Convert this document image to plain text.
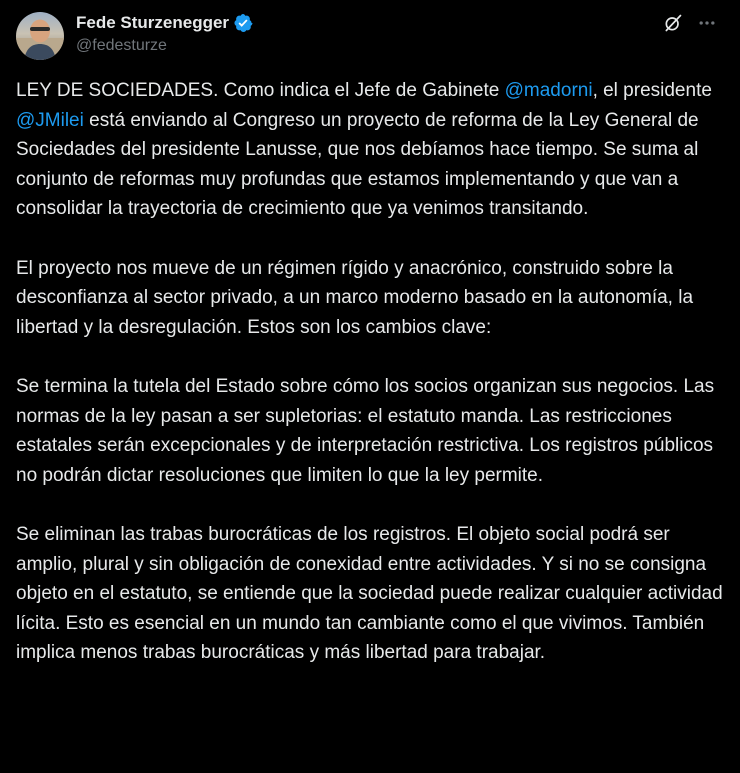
Fede Sturzenegger
@fedesturze

LEY DE SOCIEDADES. Como indica el Jefe de Gabinete @madorni, el presidente @JMilei está enviando al Congreso un proyecto de reforma de la Ley General de Sociedades del presidente Lanusse, que nos debíamos hace tiempo. Se suma al conjunto de reformas muy profundas que estamos implementando y que van a consolidar la trayectoria de crecimiento que ya venimos transitando.

El proyecto nos mueve de un régimen rígido y anacrónico, construido sobre la desconfianza al sector privado, a un marco moderno basado en la autonomía, la libertad y la desregulación. Estos son los cambios clave:

Se termina la tutela del Estado sobre cómo los socios organizan sus negocios. Las normas de la ley pasan a ser supletorias: el estatuto manda. Las restricciones estatales serán excepcionales y de interpretación restrictiva. Los registros públicos no podrán dictar resoluciones que limiten lo que la ley permite.

Se eliminan las trabas burocráticas de los registros. El objeto social podrá ser amplio, plural y sin obligación de conexidad entre actividades. Y si no se consigna objeto en el estatuto, se entiende que la sociedad puede realizar cualquier actividad lícita. Esto es esencial en un mundo tan cambiante como el que vivimos. También implica menos trabas burocráticas y más libertad para trabajar.
